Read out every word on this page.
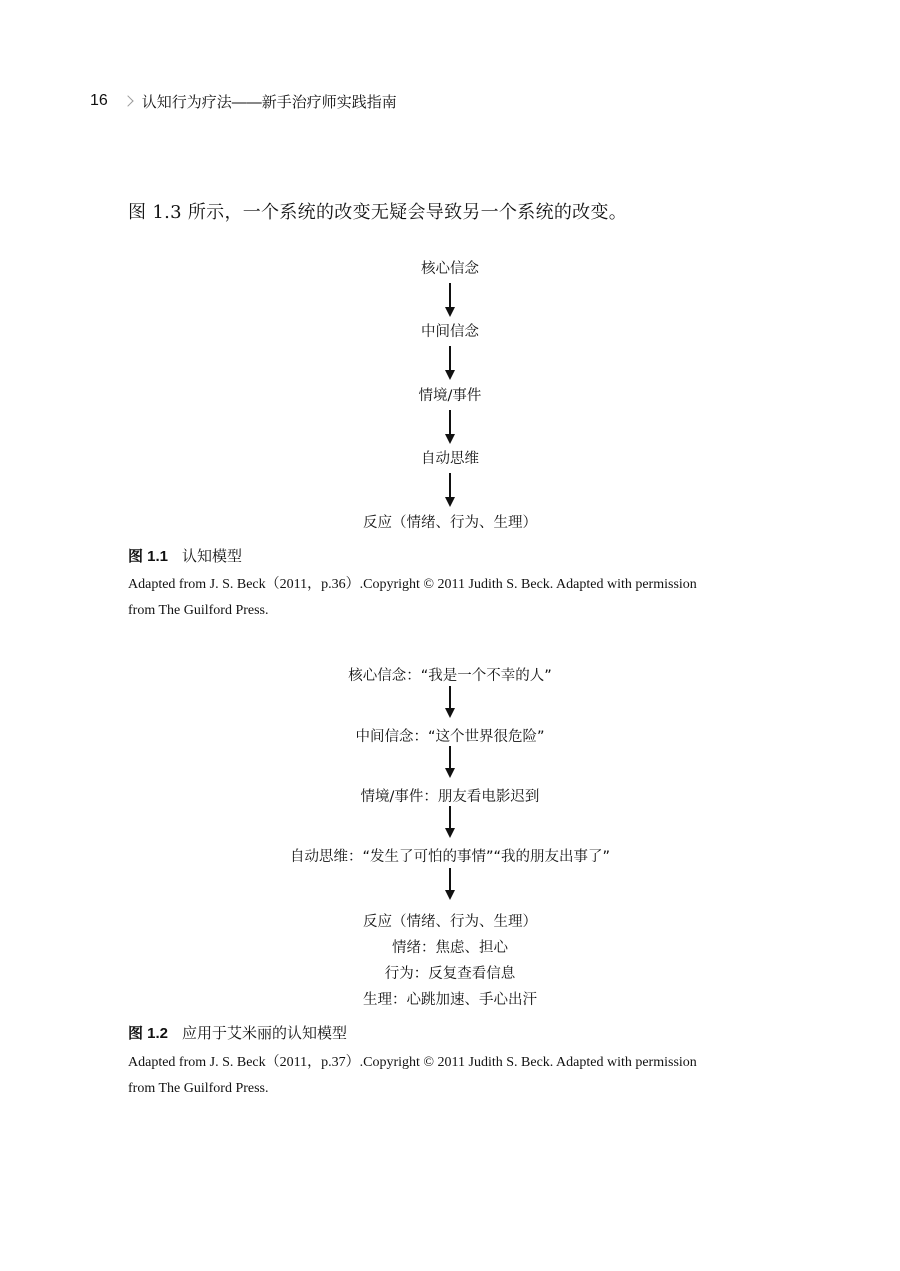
16 认知行为疗法——新手治疗师实践指南
图 1.3 所示，一个系统的改变无疑会导致另一个系统的改变。
核心信念
中间信念
情境/事件
自动思维
反应（情绪、行为、生理）
图 1.1 认知模型
Adapted from J. S. Beck（2011，p.36）.Copyright © 2011 Judith S. Beck. Adapted with permission
from The Guilford Press.
核心信念：“我是一个不幸的人”
中间信念：“这个世界很危险”
情境/事件：朋友看电影迟到
自动思维：“发生了可怕的事情”“我的朋友出事了”
反应（情绪、行为、生理）
情绪：焦虑、担心
行为：反复查看信息
生理：心跳加速、手心出汗
图 1.2 应用于艾米丽的认知模型
Adapted from J. S. Beck（2011，p.37）.Copyright © 2011 Judith S. Beck. Adapted with permission
from The Guilford Press.
